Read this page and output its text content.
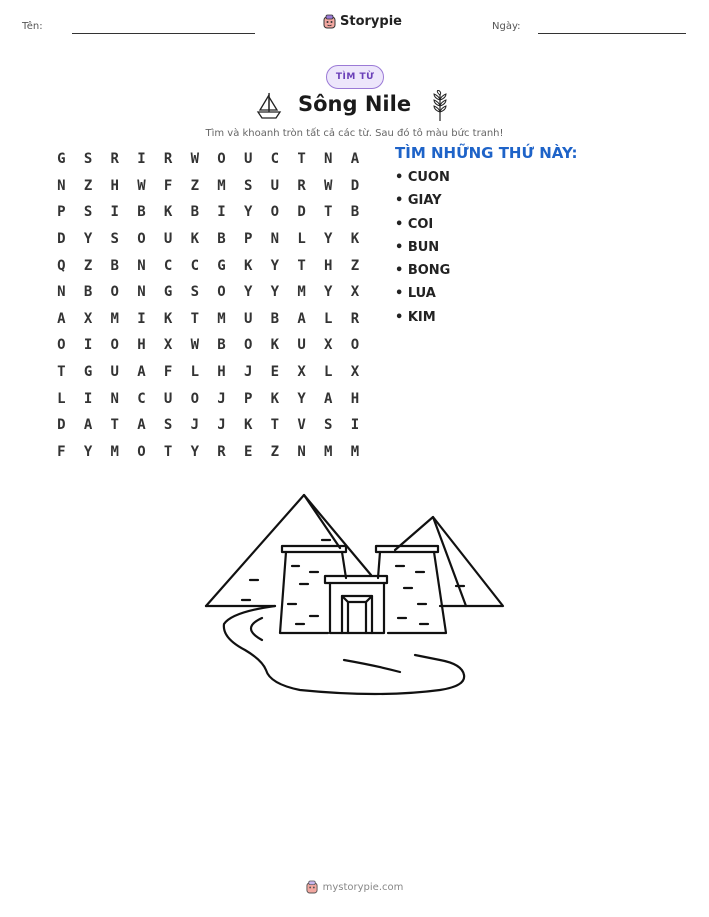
Tên:	Storypie	Ngày:
TÌM TỪ
Sông Nile
Tìm và khoanh tròn tất cả các từ. Sau đó tô màu bức tranh!
G	S	R	I	R	W	O	U	C	T	N	A
N	Z	H	W	F	Z	M	S	U	R	W	D
P	S	I	B	K	B	I	Y	O	D	T	B
D	Y	S	O	U	K	B	P	N	L	Y	K
Q	Z	B	N	C	C	G	K	Y	T	H	Z
N	B	O	N	G	S	O	Y	Y	M	Y	X
A	X	M	I	K	T	M	U	B	A	L	R
O	I	O	H	X	W	B	O	K	U	X	O
T	G	U	A	F	L	H	J	E	X	L	X
L	I	N	C	U	O	J	P	K	Y	A	H
D	A	T	A	S	J	J	K	T	V	S	I
F	Y	M	O	T	Y	R	E	Z	N	M	M
TÌM NHỮNG THỨ NÀY:
• CUON
• GIAY
• COI
• BUN
• BONG
• LUA
• KIM
mystorypie.com
